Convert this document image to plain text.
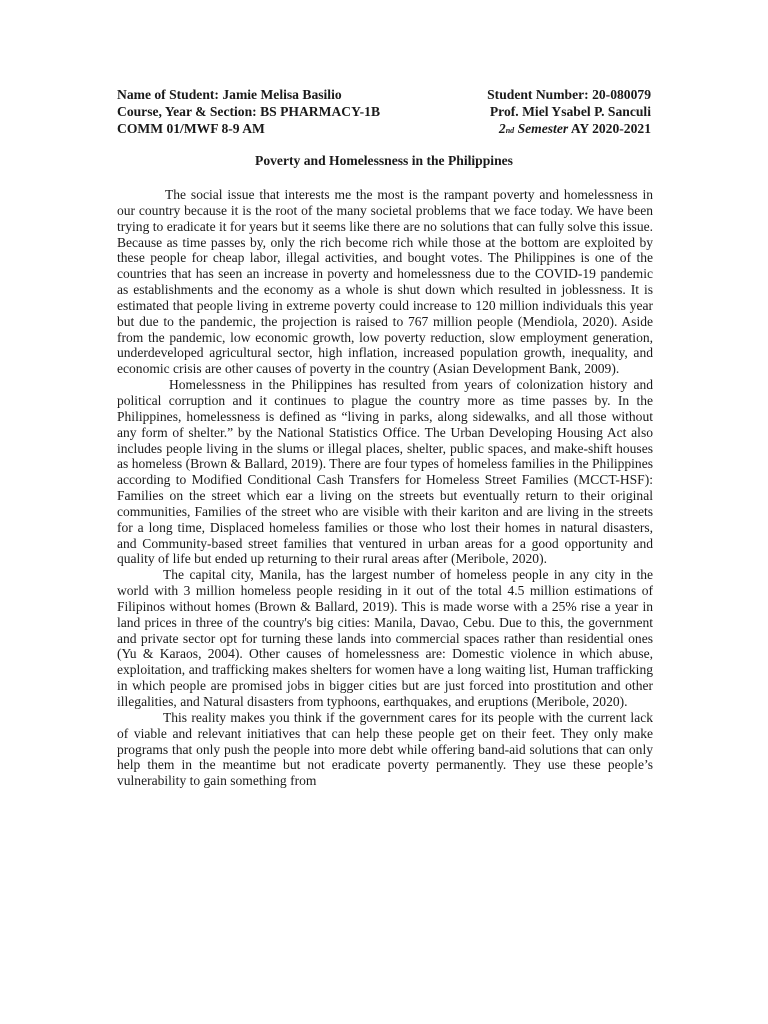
Name of Student: Jamie Melisa Basilio	Student Number: 20-080079
Course, Year & Section: BS PHARMACY-1B	Prof. Miel Ysabel P. Sanculi
COMM 01/MWF 8-9 AM	2nd Semester AY 2020-2021
Poverty and Homelessness in the Philippines

The social issue that interests me the most is the rampant poverty and homelessness in our country because it is the root of the many societal problems that we face today. We have been trying to eradicate it for years but it seems like there are no solutions that can fully solve this issue. Because as time passes by, only the rich become rich while those at the bottom are exploited by these people for cheap labor, illegal activities, and bought votes. The Philippines is one of the countries that has seen an increase in poverty and homelessness due to the COVID-19 pandemic as establishments and the economy as a whole is shut down which resulted in joblessness. It is estimated that people living in extreme poverty could increase to 120 million individuals this year but due to the pandemic, the projection is raised to 767 million people (Mendiola, 2020). Aside from the pandemic, low economic growth, low poverty reduction, slow employment generation, underdeveloped agricultural sector, high inflation, increased population growth, inequality, and economic crisis are other causes of poverty in the country (Asian Development Bank, 2009).

Homelessness in the Philippines has resulted from years of colonization history and political corruption and it continues to plague the country more as time passes by. In the Philippines, homelessness is defined as “living in parks, along sidewalks, and all those without any form of shelter.” by the National Statistics Office. The Urban Developing Housing Act also includes people living in the slums or illegal places, shelter, public spaces, and make-shift houses as homeless (Brown & Ballard, 2019). There are four types of homeless families in the Philippines according to Modified Conditional Cash Transfers for Homeless Street Families (MCCT-HSF): Families on the street which ear a living on the streets but eventually return to their original communities, Families of the street who are visible with their kariton and are living in the streets for a long time, Displaced homeless families or those who lost their homes in natural disasters, and Community-based street families that ventured in urban areas for a good opportunity and quality of life but ended up returning to their rural areas after (Meribole, 2020).

The capital city, Manila, has the largest number of homeless people in any city in the world with 3 million homeless people residing in it out of the total 4.5 million estimations of Filipinos without homes (Brown & Ballard, 2019). This is made worse with a 25% rise a year in land prices in three of the country's big cities: Manila, Davao, Cebu. Due to this, the government and private sector opt for turning these lands into commercial spaces rather than residential ones (Yu & Karaos, 2004). Other causes of homelessness are: Domestic violence in which abuse, exploitation, and trafficking makes shelters for women have a long waiting list, Human trafficking in which people are promised jobs in bigger cities but are just forced into prostitution and other illegalities, and Natural disasters from typhoons, earthquakes, and eruptions (Meribole, 2020).

This reality makes you think if the government cares for its people with the current lack of viable and relevant initiatives that can help these people get on their feet. They only make programs that only push the people into more debt while offering band-aid solutions that can only help them in the meantime but not eradicate poverty permanently. They use these people’s vulnerability to gain something from
